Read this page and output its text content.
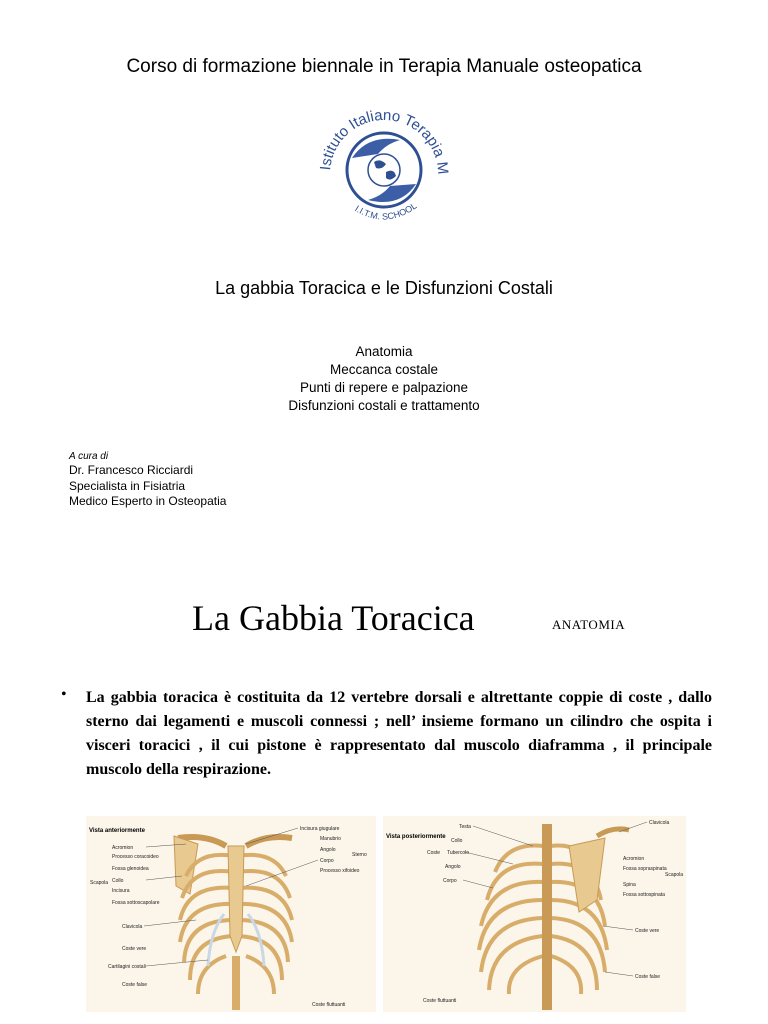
Corso di formazione biennale in Terapia Manuale osteopatica
Istituto Italiano Terapia M
I.I.T.M. SCHOOL
La gabbia Toracica e le Disfunzioni Costali
Anatomia
Meccanca costale
Punti di repere e palpazione
Disfunzioni costali e trattamento
A cura di
Dr. Francesco Ricciardi
Specialista in Fisiatria
Medico Esperto in Osteopatia
La Gabbia Toracica	ANATOMIA
• La gabbia toracica è costituita da 12 vertebre dorsali e altrettante coppie di coste , dallo sterno dai legamenti e muscoli connessi ; nell’ insieme formano un cilindro che ospita i visceri toracici , il cui pistone è rappresentato dal muscolo diaframma , il principale muscolo della respirazione.
Vista anteriormente
Acromion
Processo coracoideo
Fossa glenoidea
Collo
Incisura
Fossa sottoscapolare
Clavicola
Coste vere
Cartilagini costali
Coste false
Scapola
Incisura giugulare
Manubrio
Angolo
Corpo
Processo xifoideo
Coste fluttuanti
Sterno
Vista posteriormente
Testa
Collo
Tubercolo
Angolo
Corpo
Coste fluttuanti
Coste
Clavicola
Acromion
Fossa sopraspinata
Spina
Fossa sottospinata
Coste vere
Coste false
Scapola
